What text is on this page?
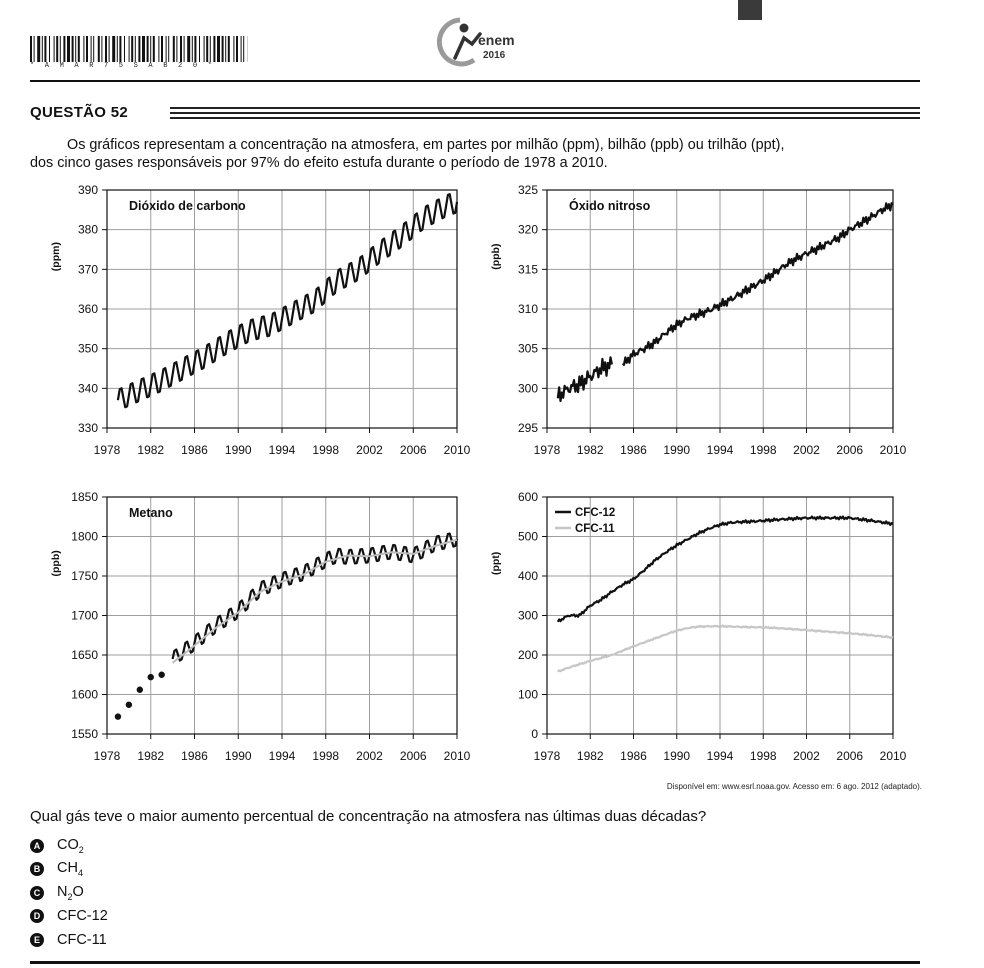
* A M A R 7 5 S A B 2 0 *
enem
2016
QUESTÃO 52

Os gráficos representam a concentração na atmosfera, em partes por milhão (ppm), bilhão (ppb) ou trilhão (ppt),

dos cinco gases responsáveis por 97% do efeito estufa durante o período de 1978 a 2010.

1978 1982 1986 1990 1994 1998 2002 2006 2010
330
340
350
360
370
380
390
(ppm)
Dióxido de carbono
1978 1982 1986 1990 1994 1998 2002 2006 2010
295
300
305
310
315
320
325
(ppb)
Óxido nitroso
1978 1982 1986 1990 1994 1998 2002 2006 2010
1550
1600
1650
1700
1750
1800
1850
(ppb)
Metano
1978 1982 1986 1990 1994 1998 2002 2006 2010
0
100
200
300
400
500
600
(ppt)
CFC-12
CFC-11
Disponível em: www.esrl.noaa.gov. Acesso em: 6 ago. 2012 (adaptado).
Qual gás teve o maior aumento percentual de concentração na atmosfera nas últimas duas décadas?
A $CO_2$
B $CH_4$
C $N_2O$
D CFC-12
E CFC-11
